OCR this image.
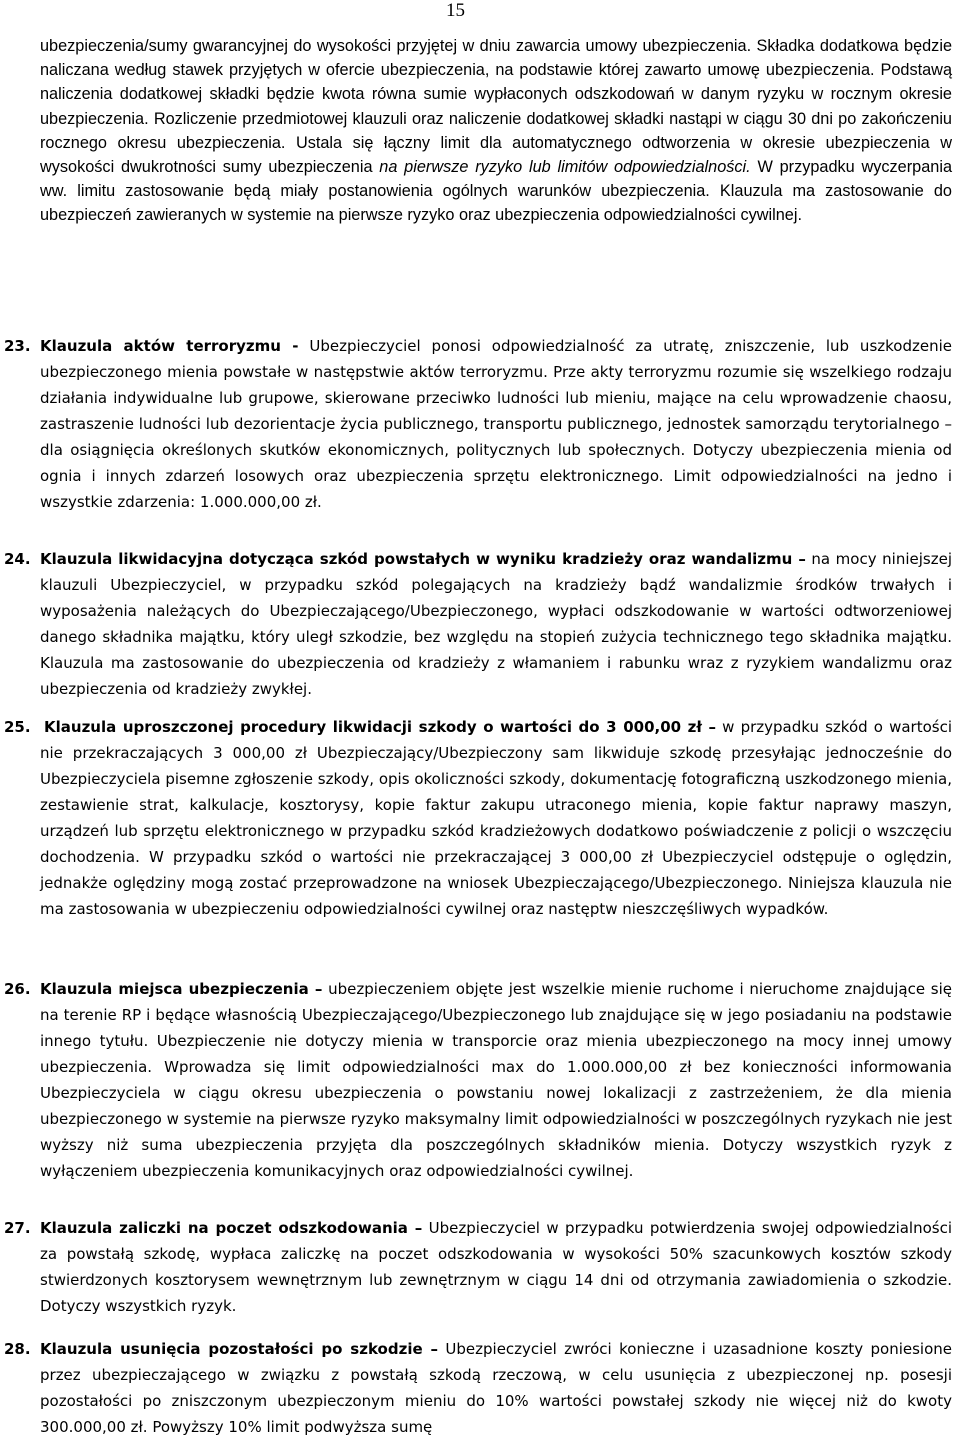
15

ubezpieczenia/sumy gwarancyjnej do wysokości przyjętej w dniu zawarcia umowy ubezpieczenia. Składka dodatkowa będzie naliczana według stawek przyjętych w ofercie ubezpieczenia, na podstawie której zawarto umowę ubezpieczenia. Podstawą naliczenia dodatkowej składki będzie kwota równa sumie wypłaconych odszkodowań w danym ryzyku w rocznym okresie ubezpieczenia. Rozliczenie przedmiotowej klauzuli oraz naliczenie dodatkowej składki nastąpi w ciągu 30 dni po zakończeniu rocznego okresu ubezpieczenia. Ustala się łączny limit dla automatycznego odtworzenia w okresie ubezpieczenia w wysokości dwukrotności sumy ubezpieczenia na pierwsze ryzyko lub limitów odpowiedzialności. W przypadku wyczerpania ww. limitu zastosowanie będą miały postanowienia ogólnych warunków ubezpieczenia. Klauzula ma zastosowanie do ubezpieczeń zawieranych w systemie na pierwsze ryzyko oraz ubezpieczenia odpowiedzialności cywilnej.

23. Klauzula aktów terroryzmu - Ubezpieczyciel ponosi odpowiedzialność za utratę, zniszczenie, lub uszkodzenie ubezpieczonego mienia powstałe w następstwie aktów terroryzmu. Prze akty terroryzmu rozumie się wszelkiego rodzaju działania indywidualne lub grupowe, skierowane przeciwko ludności lub mieniu, mające na celu wprowadzenie chaosu, zastraszenie ludności lub dezorientacje życia publicznego, transportu publicznego, jednostek samorządu terytorialnego – dla osiągnięcia określonych skutków ekonomicznych, politycznych lub społecznych. Dotyczy ubezpieczenia mienia od ognia i innych zdarzeń losowych oraz ubezpieczenia sprzętu elektronicznego. Limit odpowiedzialności na jedno i wszystkie zdarzenia: 1.000.000,00 zł.

24. Klauzula likwidacyjna dotycząca szkód powstałych w wyniku kradzieży oraz wandalizmu – na mocy niniejszej klauzuli Ubezpieczyciel, w przypadku szkód polegających na kradzieży bądź wandalizmie środków trwałych i wyposażenia należących do Ubezpieczającego/Ubezpieczonego, wypłaci odszkodowanie w wartości odtworzeniowej danego składnika majątku, który uległ szkodzie, bez względu na stopień zużycia technicznego tego składnika majątku. Klauzula ma zastosowanie do ubezpieczenia od kradzieży z włamaniem i rabunku wraz z ryzykiem wandalizmu oraz ubezpieczenia od kradzieży zwykłej.

25. Klauzula uproszczonej procedury likwidacji szkody o wartości do 3 000,00 zł – w przypadku szkód o wartości nie przekraczających 3 000,00 zł Ubezpieczający/Ubezpieczony sam likwiduje szkodę przesyłając jednocześnie do Ubezpieczyciela pisemne zgłoszenie szkody, opis okoliczności szkody, dokumentację fotograficzną uszkodzonego mienia, zestawienie strat, kalkulacje, kosztorysy, kopie faktur zakupu utraconego mienia, kopie faktur naprawy maszyn, urządzeń lub sprzętu elektronicznego w przypadku szkód kradzieżowych dodatkowo poświadczenie z policji o wszczęciu dochodzenia. W przypadku szkód o wartości nie przekraczającej 3 000,00 zł Ubezpieczyciel odstępuje o oględzin, jednakże oględziny mogą zostać przeprowadzone na wniosek Ubezpieczającego/Ubezpieczonego. Niniejsza klauzula nie ma zastosowania w ubezpieczeniu odpowiedzialności cywilnej oraz następtw nieszczęśliwych wypadków.

26. Klauzula miejsca ubezpieczenia – ubezpieczeniem objęte jest wszelkie mienie ruchome i nieruchome znajdujące się na terenie RP i będące własnością Ubezpieczającego/Ubezpieczonego lub znajdujące się w jego posiadaniu na podstawie innego tytułu. Ubezpieczenie nie dotyczy mienia w transporcie oraz mienia ubezpieczonego na mocy innej umowy ubezpieczenia. Wprowadza się limit odpowiedzialności max do 1.000.000,00 zł bez konieczności informowania Ubezpieczyciela w ciągu okresu ubezpieczenia o powstaniu nowej lokalizacji z zastrzeżeniem, że dla mienia ubezpieczonego w systemie na pierwsze ryzyko maksymalny limit odpowiedzialności w poszczególnych ryzykach nie jest wyższy niż suma ubezpieczenia przyjęta dla poszczególnych składników mienia. Dotyczy wszystkich ryzyk z wyłączeniem ubezpieczenia komunikacyjnych oraz odpowiedzialności cywilnej.

27. Klauzula zaliczki na poczet odszkodowania – Ubezpieczyciel w przypadku potwierdzenia swojej odpowiedzialności za powstałą szkodę, wypłaca zaliczkę na poczet odszkodowania w wysokości 50% szacunkowych kosztów szkody stwierdzonych kosztorysem wewnętrznym lub zewnętrznym w ciągu 14 dni od otrzymania zawiadomienia o szkodzie. Dotyczy wszystkich ryzyk.

28. Klauzula usunięcia pozostałości po szkodzie – Ubezpieczyciel zwróci konieczne i uzasadnione koszty poniesione przez ubezpieczającego w związku z powstałą szkodą rzeczową, w celu usunięcia z ubezpieczonej np. posesji pozostałości po zniszczonym ubezpieczonym mieniu do 10% wartości powstałej szkody nie więcej niż do kwoty 300.000,00 zł. Powyższy 10% limit podwyższa sumę
